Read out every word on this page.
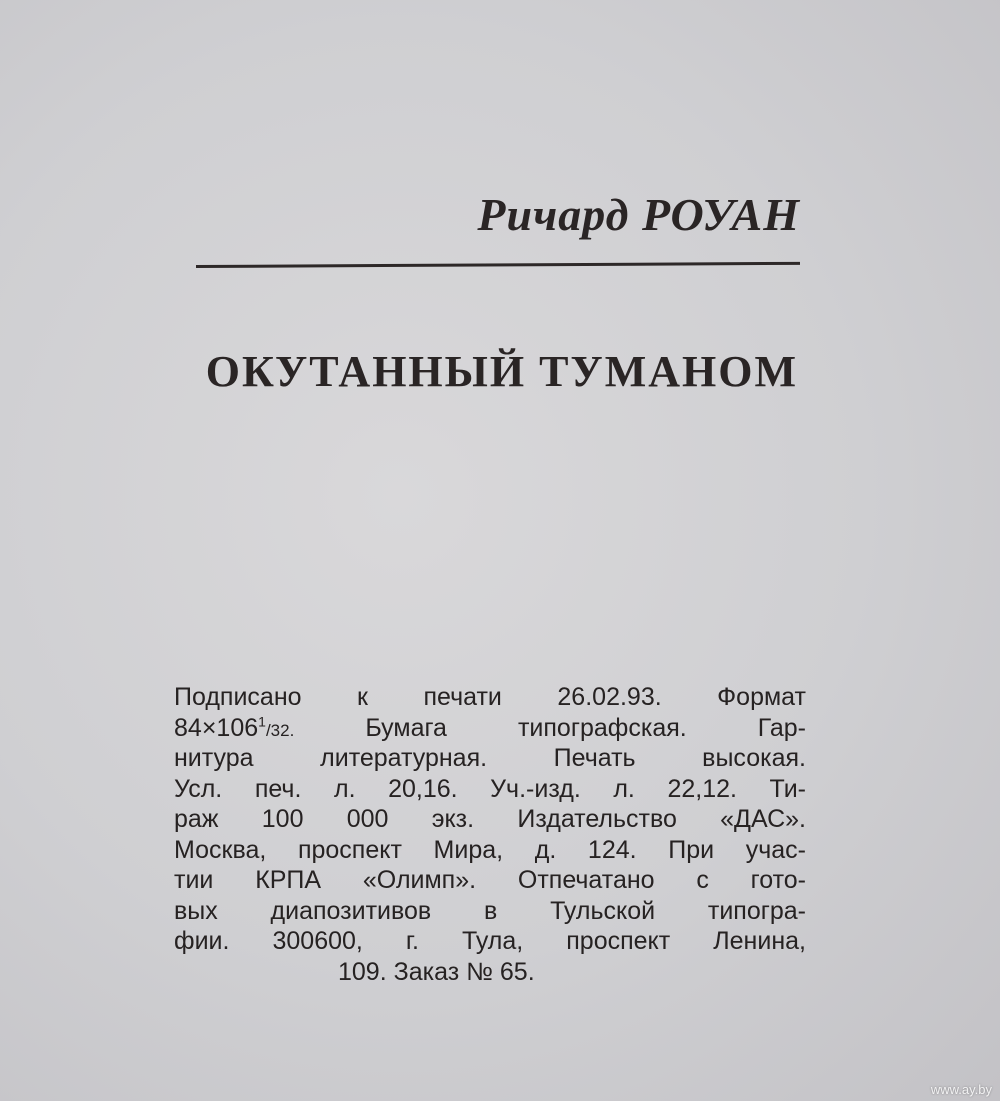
Ричард РОУАН
ОКУТАННЫЙ ТУМАНОМ
Подписано к печати 26.02.93. Формат
$84\times 106^1/32$. Бумага типографская. Гар-
нитура литературная. Печать высокая.
Усл. печ. л. 20,16. Уч.-изд. л. 22,12. Ти-
раж 100 000 экз. Издательство «ДАС».
Москва, проспект Мира, д. 124. При учас-
тии КРПА «Олимп». Отпечатано с гото-
вых диапозитивов в Тульской типогра-
фии. 300600, г. Тула, проспект Ленина,
109. Заказ № 65.
www.ay.by
